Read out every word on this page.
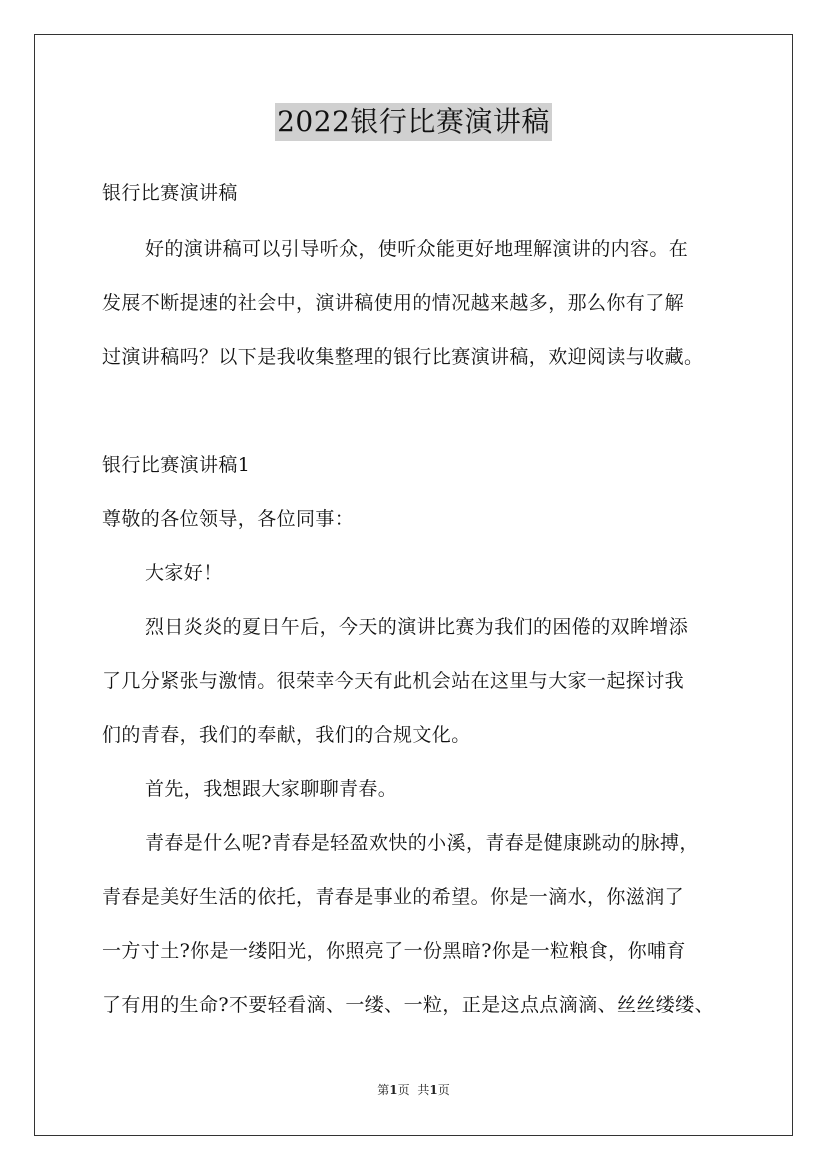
2022银行比赛演讲稿
银行比赛演讲稿
好的演讲稿可以引导听众，使听众能更好地理解演讲的内容。在
发展不断提速的社会中，演讲稿使用的情况越来越多，那么你有了解
过演讲稿吗？以下是我收集整理的银行比赛演讲稿，欢迎阅读与收藏。
银行比赛演讲稿1
尊敬的各位领导，各位同事：
大家好！
烈日炎炎的夏日午后，今天的演讲比赛为我们的困倦的双眸增添
了几分紧张与激情。很荣幸今天有此机会站在这里与大家一起探讨我
们的青春，我们的奉献，我们的合规文化。
首先，我想跟大家聊聊青春。
青春是什么呢?青春是轻盈欢快的小溪，青春是健康跳动的脉搏，
青春是美好生活的依托，青春是事业的希望。你是一滴水，你滋润了
一方寸土?你是一缕阳光，你照亮了一份黑暗?你是一粒粮食，你哺育
了有用的生命?不要轻看滴、一缕、一粒，正是这点点滴滴、丝丝缕缕、
第1页 共1页
